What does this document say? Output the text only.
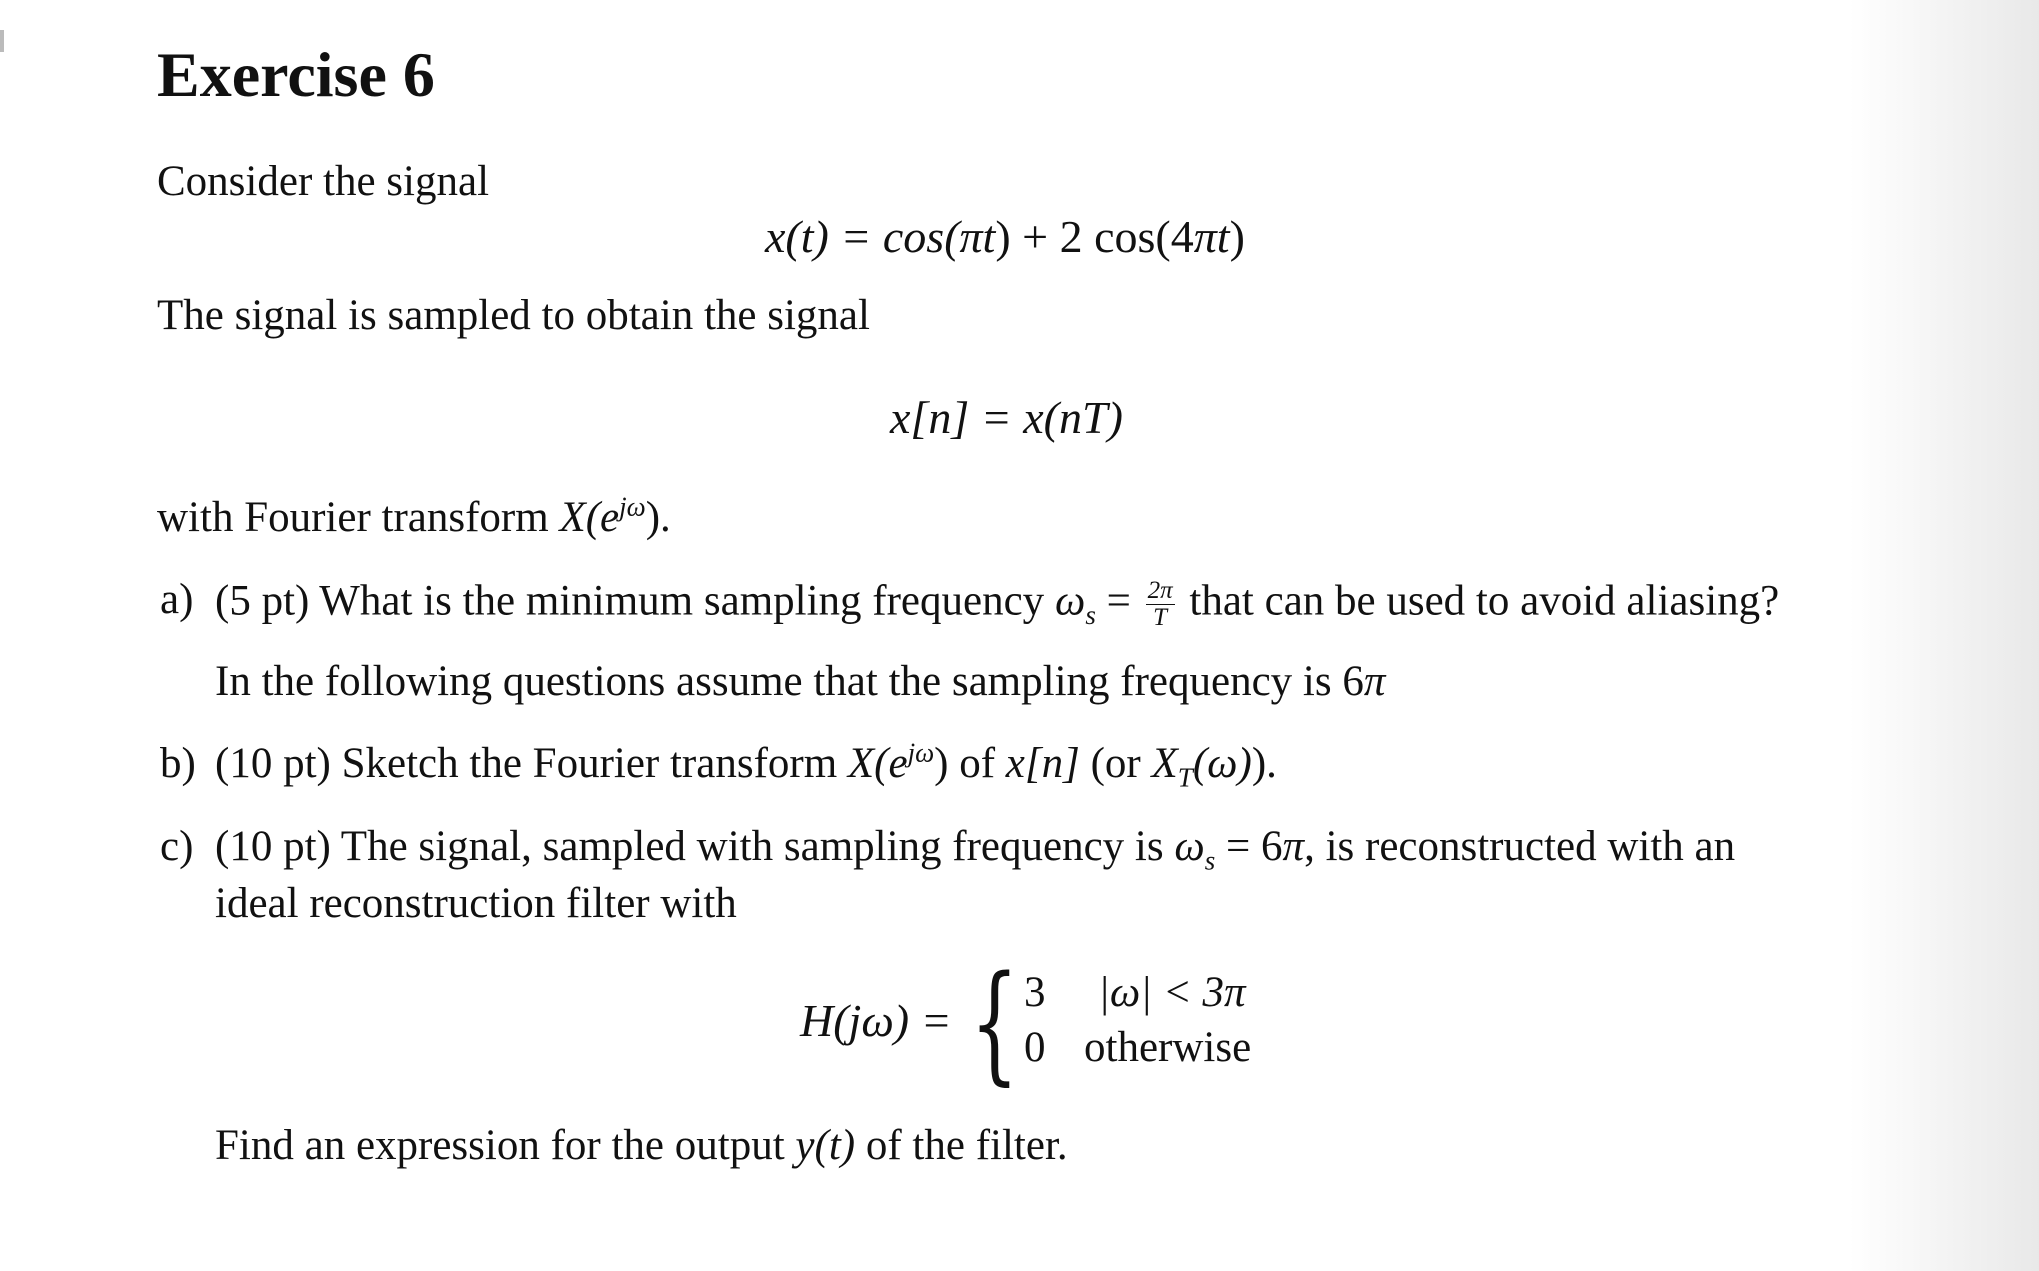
Exercise 6
Consider the signal
x(t) = cos(πt) + 2 cos(4πt)
The signal is sampled to obtain the signal
x[n] = x(nT)
with Fourier transform $X(e^{j\omega})$.
a) (5 pt) What is the minimum sampling frequency $\omega_s = \frac{2\pi}{T}$ that can be used to avoid aliasing?
In the following questions assume that the sampling frequency is 6π
b) (10 pt) Sketch the Fourier transform $X(e^{j\omega})$ of x[n] (or $X_T(\omega)$).
c) (10 pt) The signal, sampled with sampling frequency is $\omega_s = 6\pi$, is reconstructed with an
ideal reconstruction filter with
H(jω) = { 3 |ω| < 3π
0 otherwise
Find an expression for the output y(t) of the filter.
